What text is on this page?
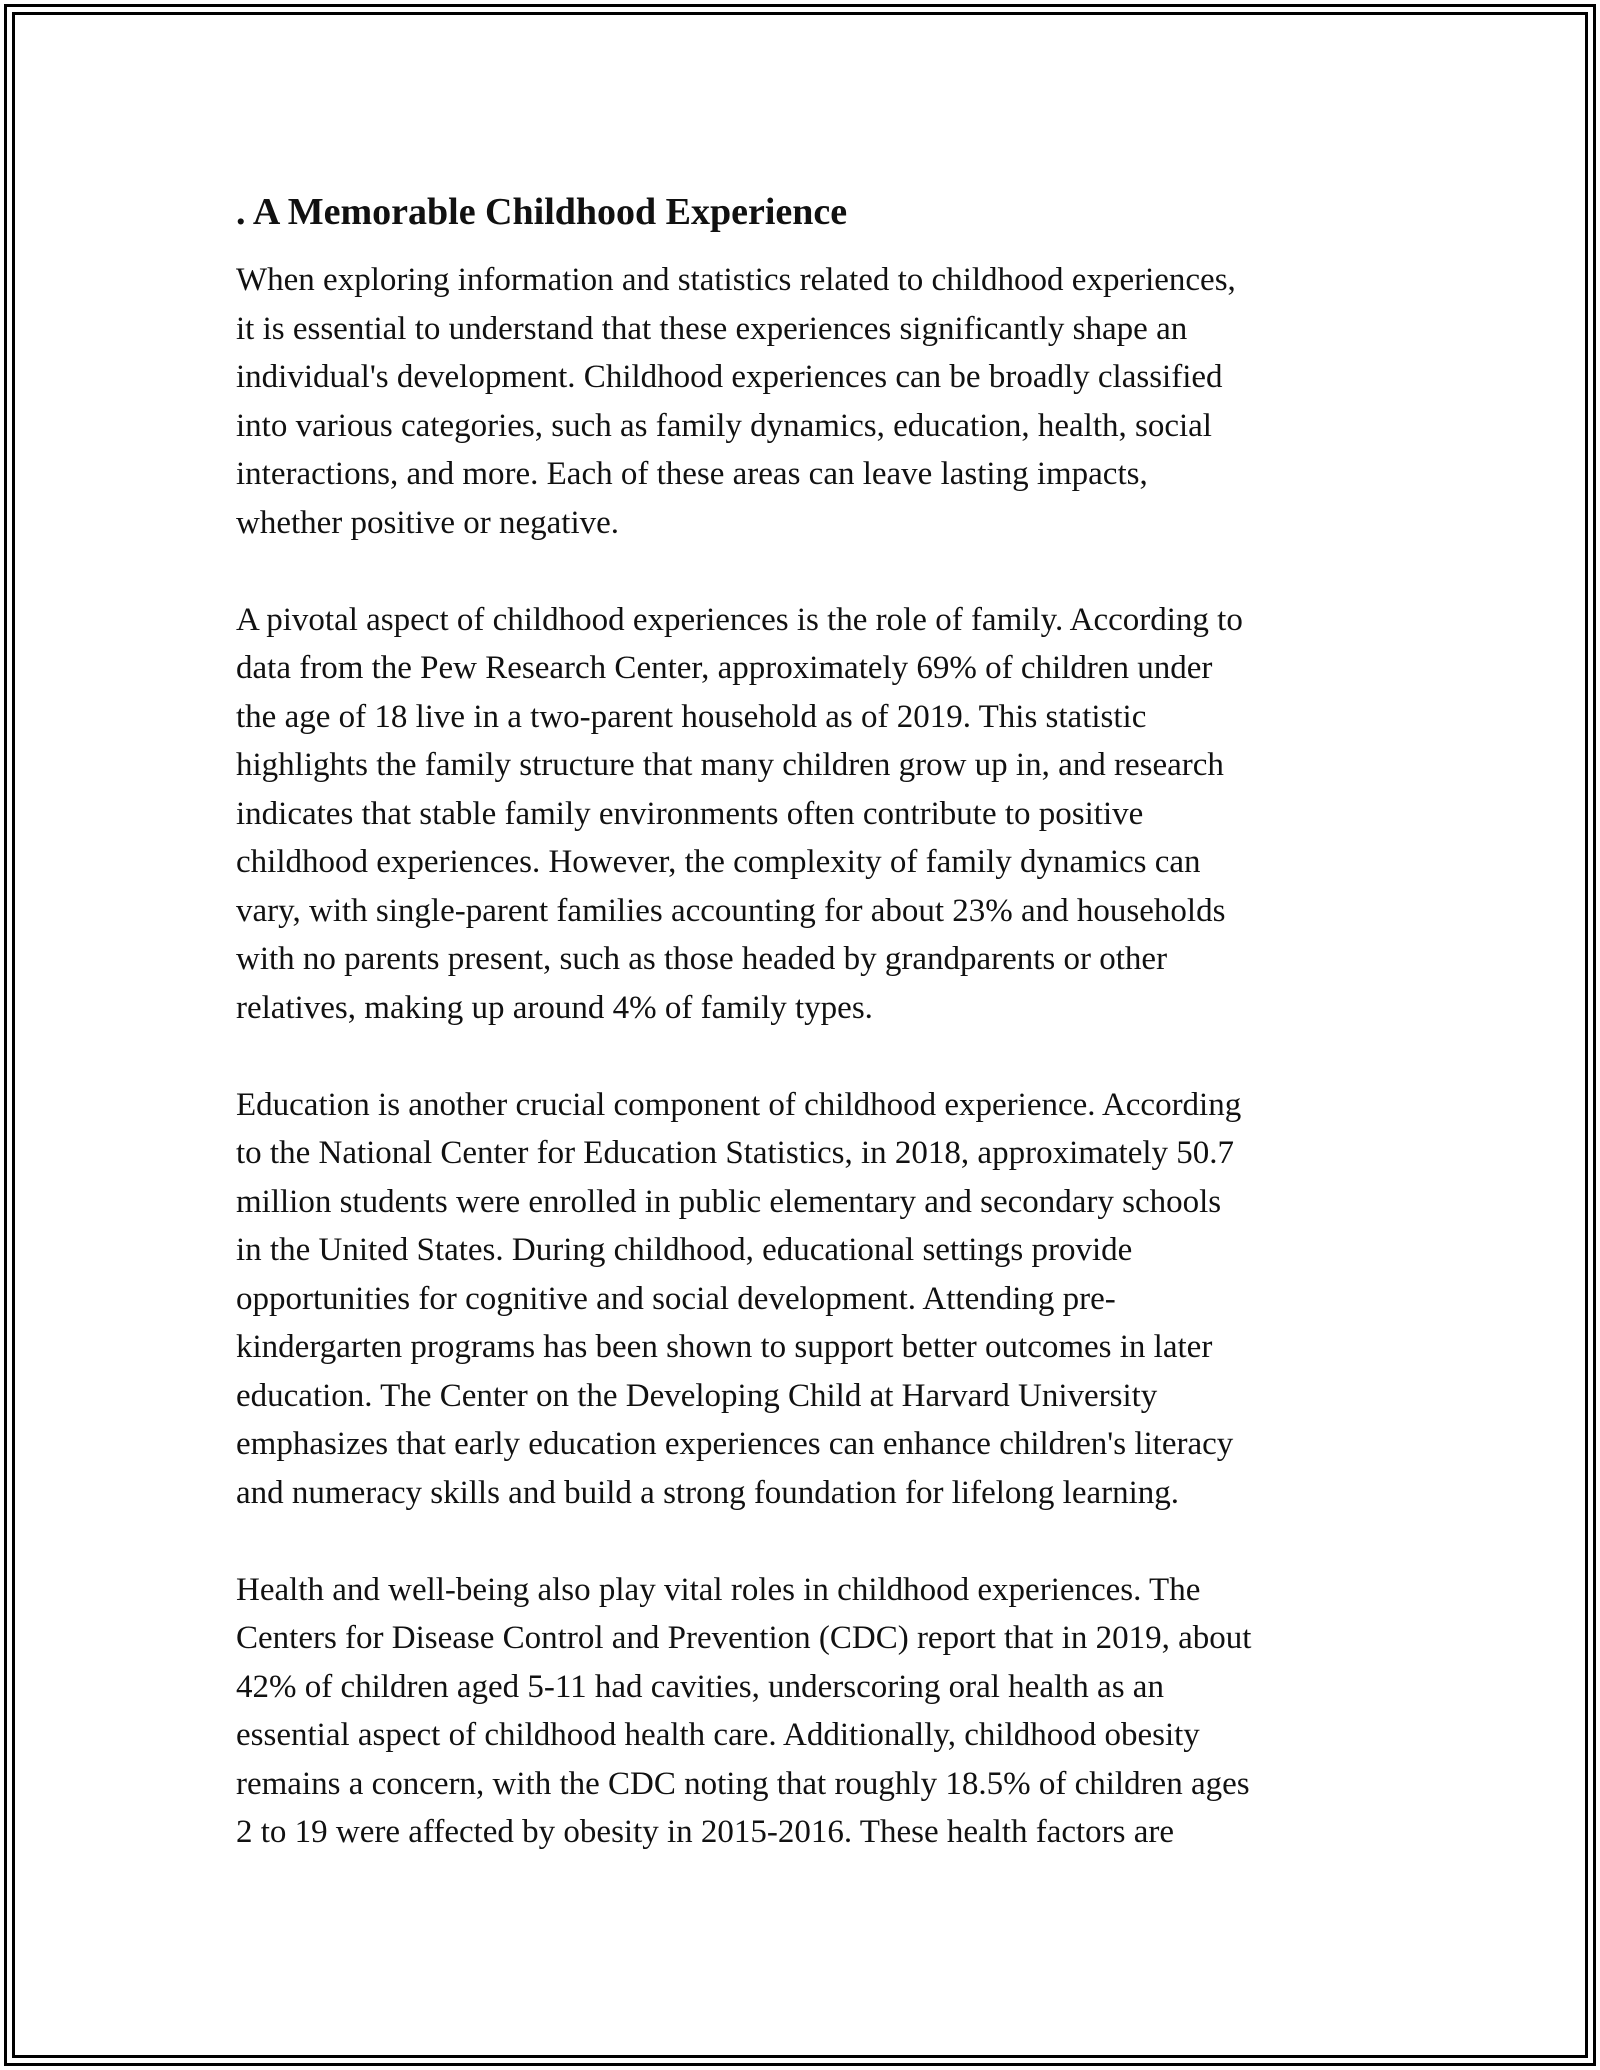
. A Memorable Childhood Experience
When exploring information and statistics related to childhood experiences,
it is essential to understand that these experiences significantly shape an
individual's development. Childhood experiences can be broadly classified
into various categories, such as family dynamics, education, health, social
interactions, and more. Each of these areas can leave lasting impacts,
whether positive or negative.
A pivotal aspect of childhood experiences is the role of family. According to
data from the Pew Research Center, approximately 69% of children under
the age of 18 live in a two-parent household as of 2019. This statistic
highlights the family structure that many children grow up in, and research
indicates that stable family environments often contribute to positive
childhood experiences. However, the complexity of family dynamics can
vary, with single-parent families accounting for about 23% and households
with no parents present, such as those headed by grandparents or other
relatives, making up around 4% of family types.
Education is another crucial component of childhood experience. According
to the National Center for Education Statistics, in 2018, approximately 50.7
million students were enrolled in public elementary and secondary schools
in the United States. During childhood, educational settings provide
opportunities for cognitive and social development. Attending pre-
kindergarten programs has been shown to support better outcomes in later
education. The Center on the Developing Child at Harvard University
emphasizes that early education experiences can enhance children's literacy
and numeracy skills and build a strong foundation for lifelong learning.
Health and well-being also play vital roles in childhood experiences. The
Centers for Disease Control and Prevention (CDC) report that in 2019, about
42% of children aged 5-11 had cavities, underscoring oral health as an
essential aspect of childhood health care. Additionally, childhood obesity
remains a concern, with the CDC noting that roughly 18.5% of children ages
2 to 19 were affected by obesity in 2015-2016. These health factors are
